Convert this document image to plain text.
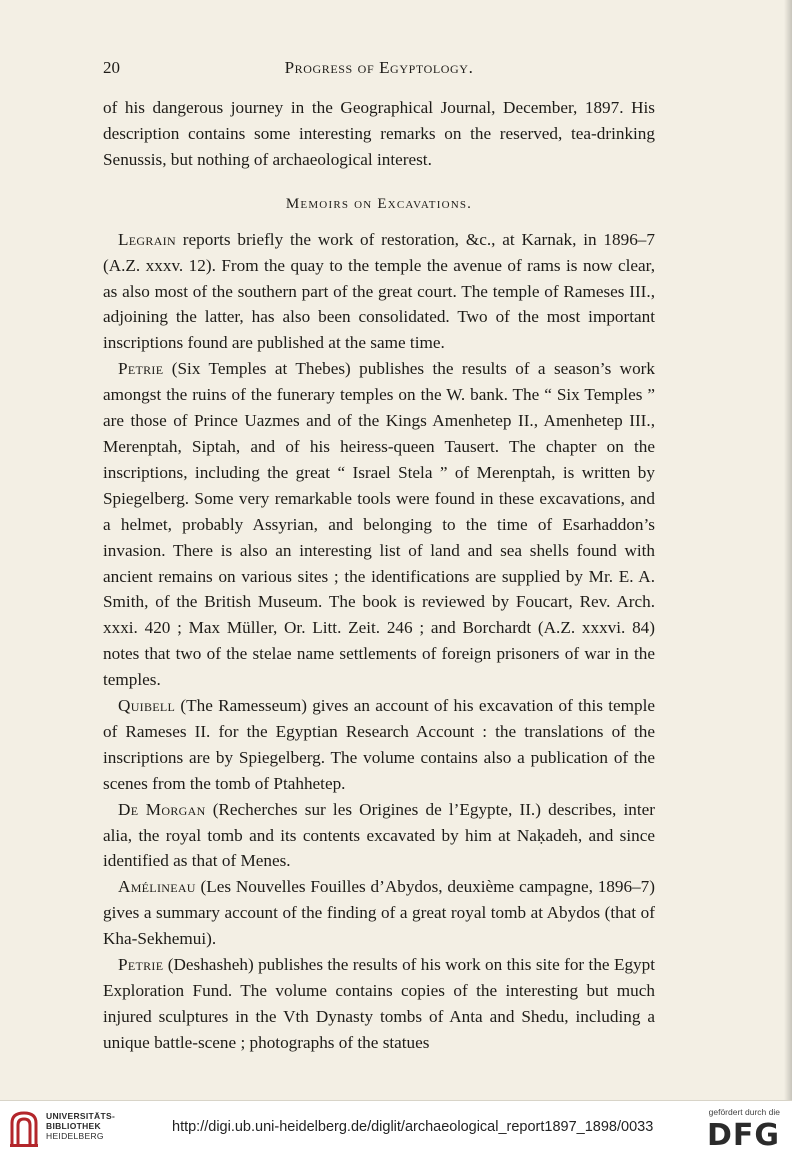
20	Progress of Egyptology.

of his dangerous journey in the Geographical Journal, December, 1897. His description contains some interesting remarks on the reserved, tea-drinking Senussis, but nothing of archaeological interest.

Memoirs on Excavations.

Legrain reports briefly the work of restoration, &c., at Karnak, in 1896–7 (A.Z. xxxv. 12). From the quay to the temple the avenue of rams is now clear, as also most of the southern part of the great court. The temple of Rameses III., adjoining the latter, has also been consolidated. Two of the most important inscriptions found are published at the same time.

Petrie (Six Temples at Thebes) publishes the results of a season’s work amongst the ruins of the funerary temples on the W. bank. The “ Six Temples ” are those of Prince Uazmes and of the Kings Amenhetep II., Amenhetep III., Merenptah, Siptah, and of his heiress-queen Tausert. The chapter on the inscriptions, including the great “ Israel Stela ” of Merenptah, is written by Spiegelberg. Some very remarkable tools were found in these excavations, and a helmet, probably Assyrian, and belonging to the time of Esarhaddon’s invasion. There is also an interesting list of land and sea shells found with ancient remains on various sites ; the identifications are supplied by Mr. E. A. Smith, of the British Museum. The book is reviewed by Foucart, Rev. Arch. xxxi. 420 ; Max Müller, Or. Litt. Zeit. 246 ; and Borchardt (A.Z. xxxvi. 84) notes that two of the stelae name settlements of foreign prisoners of war in the temples.

Quibell (The Ramesseum) gives an account of his excavation of this temple of Rameses II. for the Egyptian Research Account : the translations of the inscriptions are by Spiegelberg. The volume contains also a publication of the scenes from the tomb of Ptahhetep.

De Morgan (Recherches sur les Origines de l’Egypte, II.) describes, inter alia, the royal tomb and its contents excavated by him at Naḳadeh, and since identified as that of Menes.

Amélineau (Les Nouvelles Fouilles d’Abydos, deuxième campagne, 1896–7) gives a summary account of the finding of a great royal tomb at Abydos (that of Kha-Sekhemui).

Petrie (Deshasheh) publishes the results of his work on this site for the Egypt Exploration Fund. The volume contains copies of the interesting but much injured sculptures in the Vth Dynasty tombs of Anta and Shedu, including a unique battle-scene ; photographs of the statues

UNIVERSITÄTS-
BIBLIOTHEK
HEIDELBERG
http://digi.ub.uni-heidelberg.de/diglit/archaeological_report1897_1898/0033
gefördert durch die
DFG
